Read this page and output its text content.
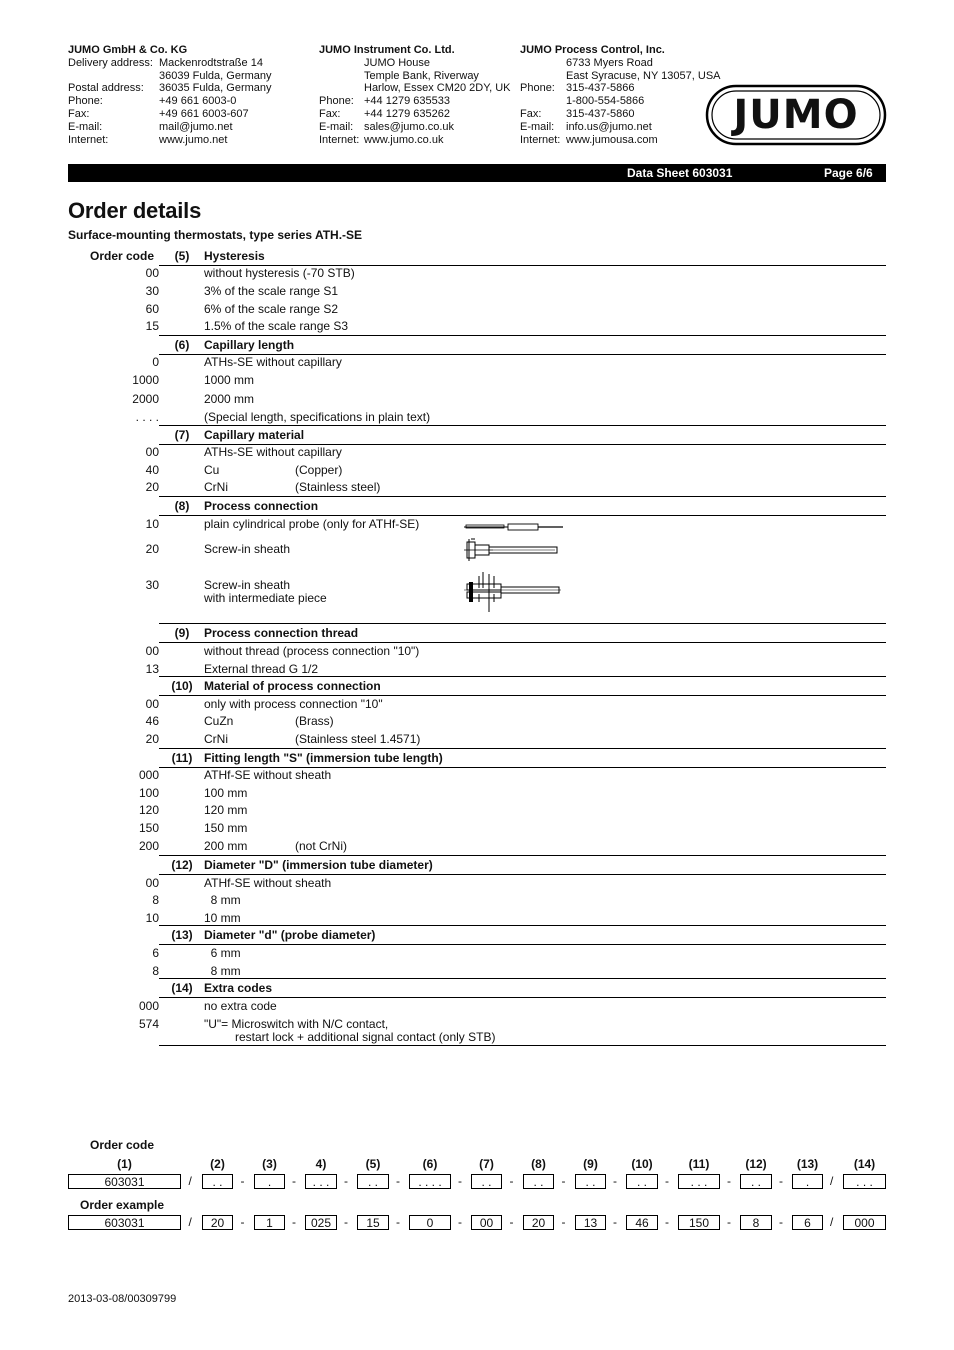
JUMO GmbH & Co. KG
Delivery address: Mackenrodtstraße 14
36039 Fulda, Germany
Postal address:	36035 Fulda, Germany
Phone:	+49 661 6003-0
Fax:	+49 661 6003-607
E-mail:	mail@jumo.net
Internet:	www.jumo.net
JUMO Instrument Co. Ltd.
JUMO House
Temple Bank, Riverway
Harlow, Essex CM20 2DY, UK
Phone: +44 1279 635533
Fax:	+44 1279 635262
E-mail: sales@jumo.co.uk
Internet: www.jumo.co.uk
JUMO Process Control, Inc.
6733 Myers Road
East Syracuse, NY 13057, USA
Phone:	315-437-5866
1-800-554-5866
Fax:	315-437-5860
E-mail:	info.us@jumo.net
Internet: www.jumousa.com
JUMO
Data Sheet 603031	Page 6/6
Order details
Surface-mounting thermostats, type series ATH.-SE
Order code	(5)	Hysteresis
00	without hysteresis (-70 STB)
30	3% of the scale range S1
60	6% of the scale range S2
15	1.5% of the scale range S3
(6)	Capillary length
0	ATHs-SE without capillary
1000	1000 mm
2000	2000 mm
. . . .	(Special length, specifications in plain text)
(7)	Capillary material
00	ATHs-SE without capillary
40	Cu	(Copper)
20	CrNi	(Stainless steel)
(8)	Process connection
10	plain cylindrical probe (only for ATHf-SE)
20	Screw-in sheath
30	Screw-in sheath
with intermediate piece
(9)	Process connection thread
00	without thread (process connection "10")
13	External thread G 1/2
(10) Material of process connection
00	only with process connection "10"
46	CuZn	(Brass)
20	CrNi	(Stainless steel 1.4571)
(11) Fitting length "S" (immersion tube length)
000	ATHf-SE without sheath
100	100 mm
120	120 mm
150	150 mm
200	200 mm	(not CrNi)
(12) Diameter "D" (immersion tube diameter)
00	ATHf-SE without sheath
8	8 mm
10	10 mm
(13) Diameter "d" (probe diameter)
6	6 mm
8	8 mm
(14) Extra codes
000	no extra code
574	"U"= Microswitch with N/C contact,
restart lock + additional signal contact (only STB)
Order code
Order example
(1)	(2)	(3)	4)	(5)	(6)	(7)	(8)	(9)	(10)	(11)	(12)	(13)	(14)
603031	. .	.	. . .	. .	. . . .	. .	. .	. .	. .	. . .	. .	.	. . .
/	-	-	-	-	-	-	-	-	-	-	-	/
603031	20	1	025	15	0	00	20	13	46	150	8	6	000
/	-	-	-	-	-	-	-	-	-	-	-	/
2013-03-08/00309799
